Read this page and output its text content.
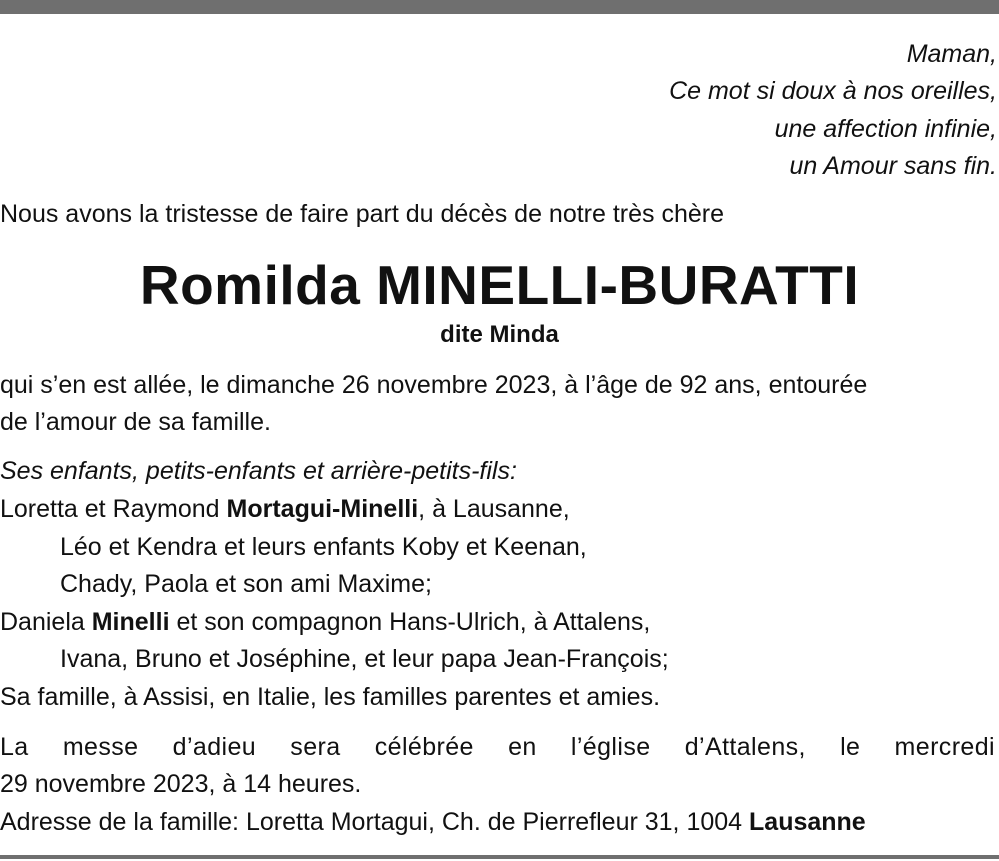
Maman,
Ce mot si doux à nos oreilles,
une affection infinie,
un Amour sans fin.
Nous avons la tristesse de faire part du décès de notre très chère
Romilda MINELLI-BURATTI
dite Minda
qui s’en est allée, le dimanche 26 novembre 2023, à l’âge de 92 ans, entourée
de l’amour de sa famille.
Ses enfants, petits-enfants et arrière-petits-fils:
Loretta et Raymond Mortagui-Minelli, à Lausanne,
Léo et Kendra et leurs enfants Koby et Keenan,
Chady, Paola et son ami Maxime;
Daniela Minelli et son compagnon Hans-Ulrich, à Attalens,
Ivana, Bruno et Joséphine, et leur papa Jean-François;
Sa famille, à Assisi, en Italie, les familles parentes et amies.
La messe d’adieu sera célébrée en l’église d’Attalens, le mercredi
29 novembre 2023, à 14 heures.
Adresse de la famille: Loretta Mortagui, Ch. de Pierrefleur 31, 1004 Lausanne
